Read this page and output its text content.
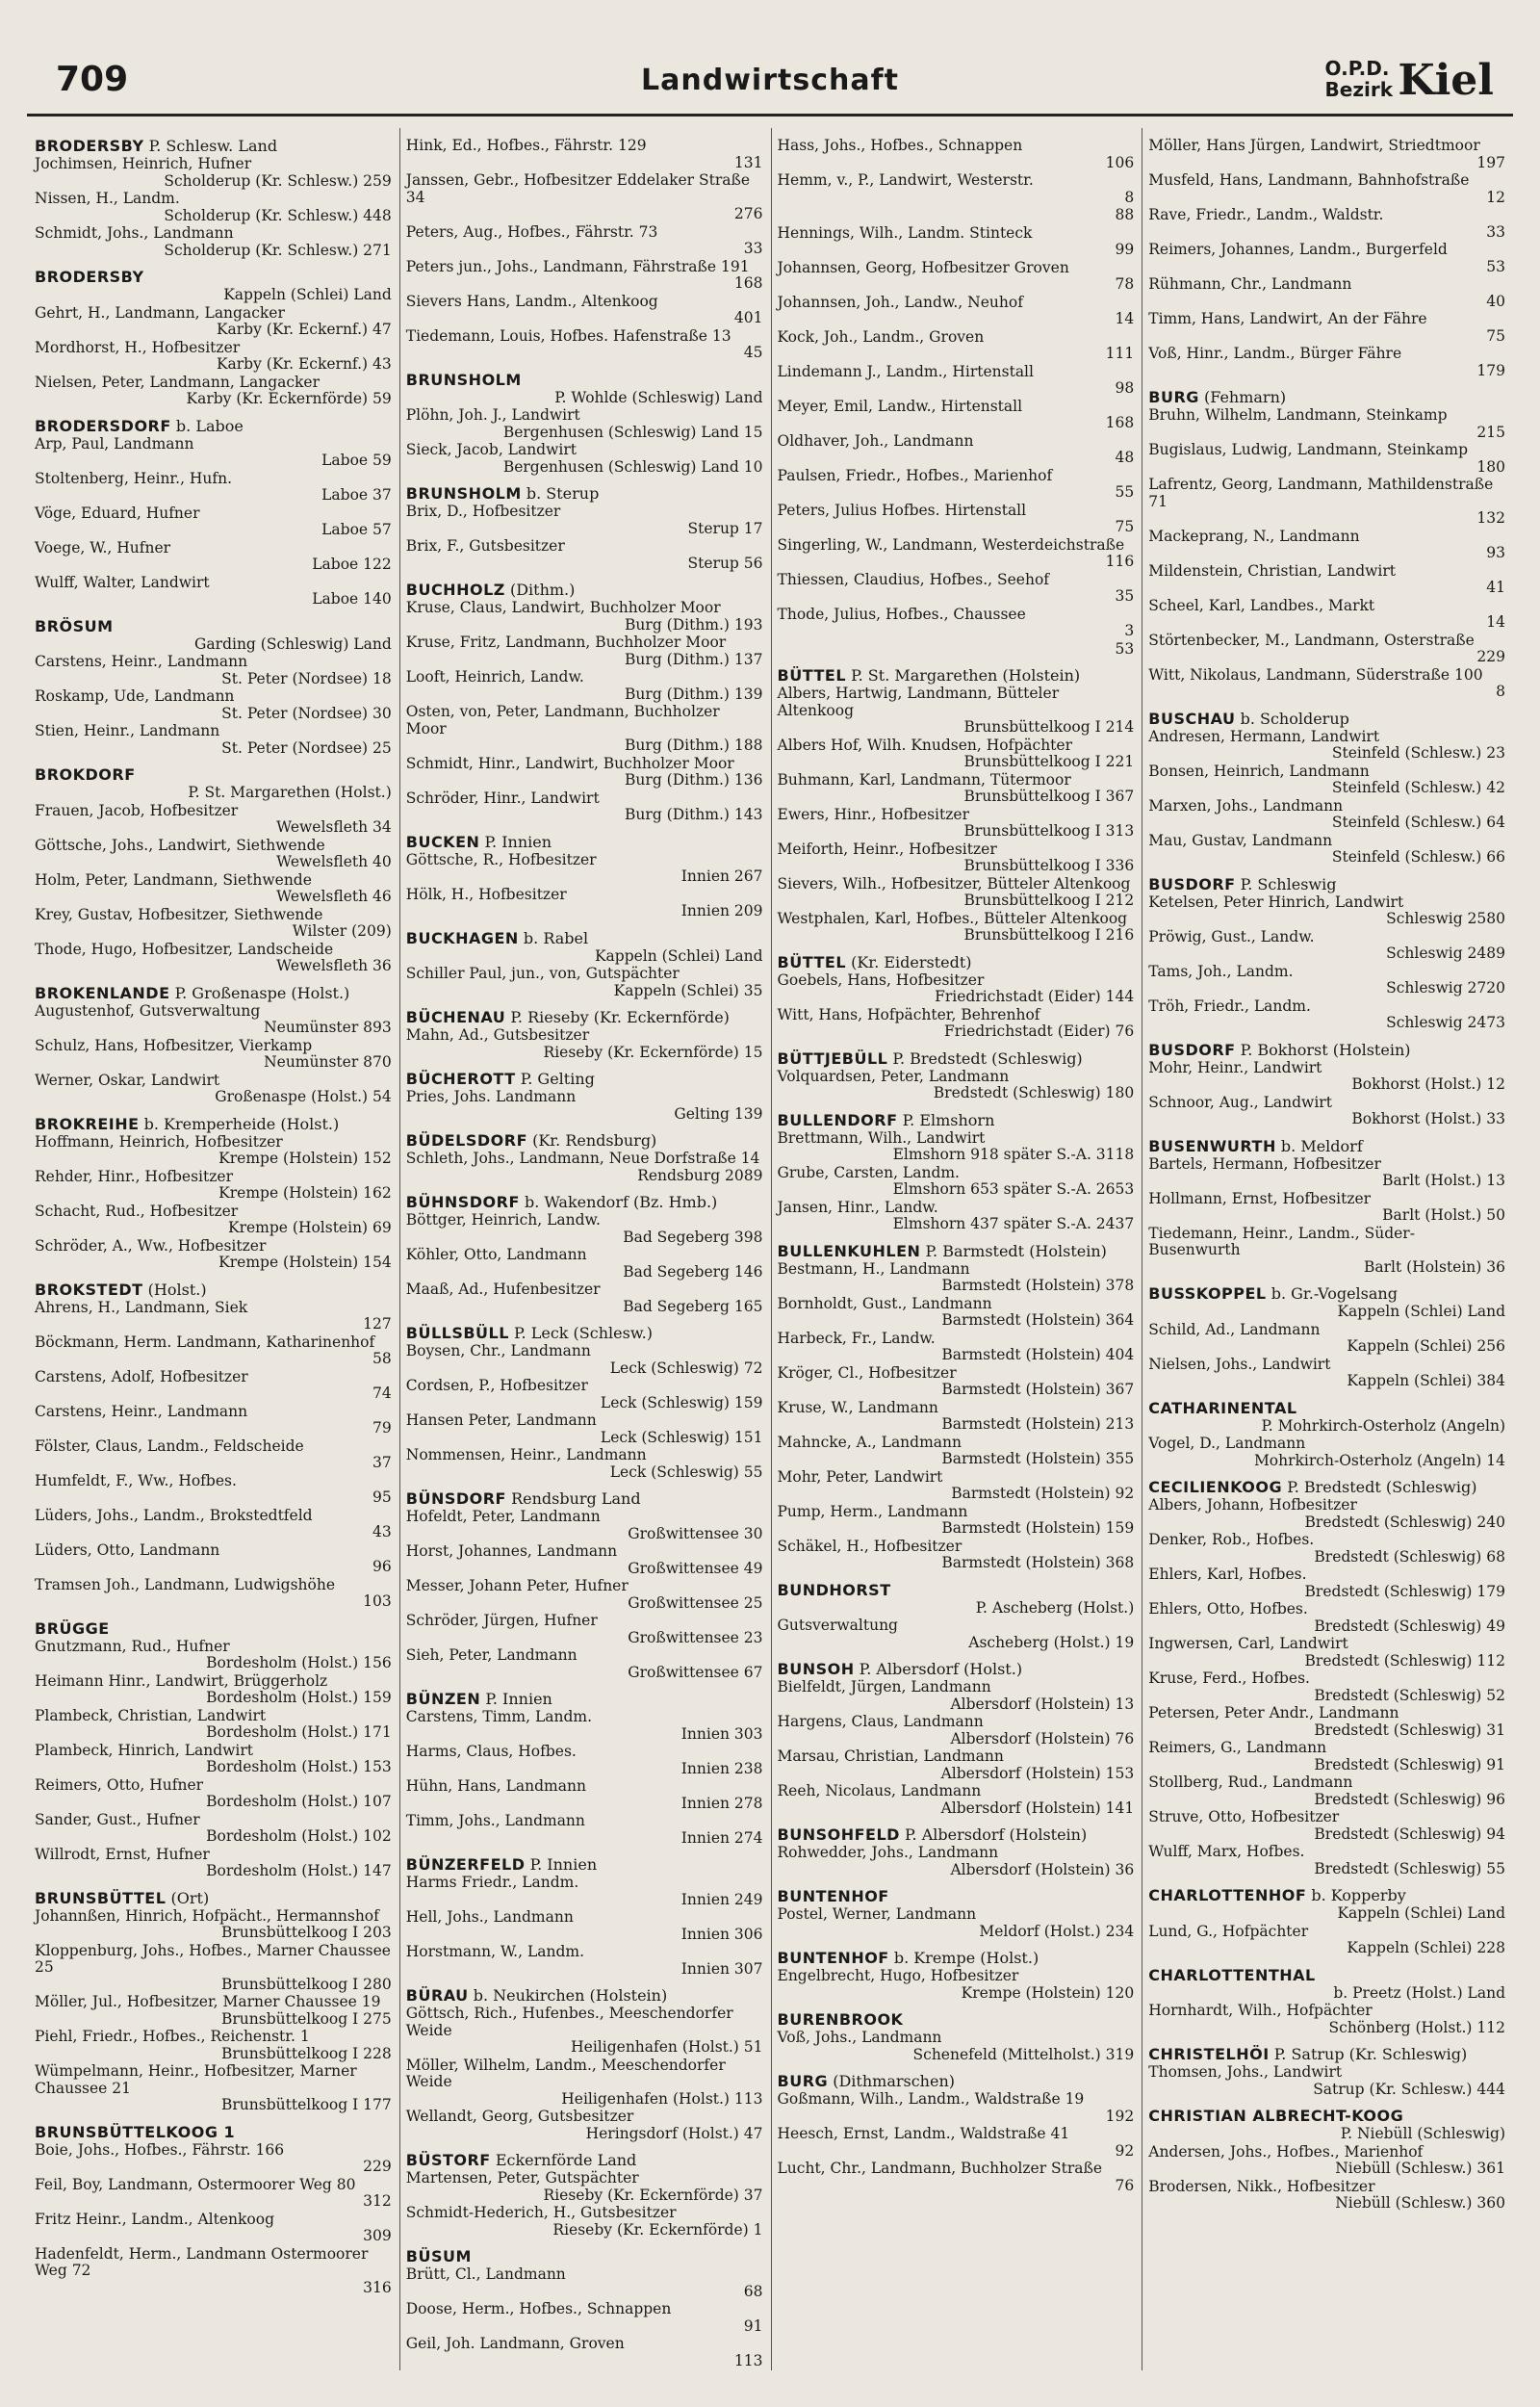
709	Landwirtschaft	O.P.D.
Bezirk Kiel
BRODERSBY P. Schlesw. Land
Jochimsen, Heinrich, Hufner
Scholderup (Kr. Schlesw.) 259
Nissen, H., Landm.
Scholderup (Kr. Schlesw.) 448
Schmidt, Johs., Landmann
Scholderup (Kr. Schlesw.) 271
BRODERSBY
Kappeln (Schlei) Land
Gehrt, H., Landmann, Langacker
Karby (Kr. Eckernf.) 47
Mordhorst, H., Hofbesitzer
Karby (Kr. Eckernf.) 43
Nielsen, Peter, Landmann, Langacker
Karby (Kr. Eckernförde) 59
BRODERSDORF b. Laboe
Arp, Paul, Landmann
Laboe 59
Stoltenberg, Heinr., Hufn.
Laboe 37
Vöge, Eduard, Hufner
Laboe 57
Voege, W., Hufner
Laboe 122
Wulff, Walter, Landwirt
Laboe 140
BRÖSUM
Garding (Schleswig) Land
Carstens, Heinr., Landmann
St. Peter (Nordsee) 18
Roskamp, Ude, Landmann
St. Peter (Nordsee) 30
Stien, Heinr., Landmann
St. Peter (Nordsee) 25
BROKDORF
P. St. Margarethen (Holst.)
Frauen, Jacob, Hofbesitzer
Wewelsfleth 34
Göttsche, Johs., Landwirt, Siethwende
Wewelsfleth 40
Holm, Peter, Landmann, Siethwende
Wewelsfleth 46
Krey, Gustav, Hofbesitzer, Siethwende
Wilster (209)
Thode, Hugo, Hofbesitzer, Landscheide
Wewelsfleth 36
BROKENLANDE P. Großenaspe (Holst.)
Augustenhof, Gutsverwaltung
Neumünster 893
Schulz, Hans, Hofbesitzer, Vierkamp
Neumünster 870
Werner, Oskar, Landwirt
Großenaspe (Holst.) 54
BROKREIHE b. Kremperheide (Holst.)
Hoffmann, Heinrich, Hofbesitzer
Krempe (Holstein) 152
Rehder, Hinr., Hofbesitzer
Krempe (Holstein) 162
Schacht, Rud., Hofbesitzer
Krempe (Holstein) 69
Schröder, A., Ww., Hofbesitzer
Krempe (Holstein) 154
BROKSTEDT (Holst.)
Ahrens, H., Landmann, Siek
127
Böckmann, Herm. Landmann, Katharinenhof
58
Carstens, Adolf, Hofbesitzer
74
Carstens, Heinr., Landmann
79
Fölster, Claus, Landm., Feldscheide
37
Humfeldt, F., Ww., Hofbes.
95
Lüders, Johs., Landm., Brokstedtfeld
43
Lüders, Otto, Landmann
96
Tramsen Joh., Landmann, Ludwigshöhe
103
BRÜGGE
Gnutzmann, Rud., Hufner
Bordesholm (Holst.) 156
Heimann Hinr., Landwirt, Brüggerholz
Bordesholm (Holst.) 159
Plambeck, Christian, Landwirt
Bordesholm (Holst.) 171
Plambeck, Hinrich, Landwirt
Bordesholm (Holst.) 153
Reimers, Otto, Hufner
Bordesholm (Holst.) 107
Sander, Gust., Hufner
Bordesholm (Holst.) 102
Willrodt, Ernst, Hufner
Bordesholm (Holst.) 147
BRUNSBÜTTEL (Ort)
Johannßen, Hinrich, Hofpächt., Hermannshof
Brunsbüttelkoog I 203
Kloppenburg, Johs., Hofbes., Marner Chaussee 25
Brunsbüttelkoog I 280
Möller, Jul., Hofbesitzer, Marner Chaussee 19
Brunsbüttelkoog I 275
Piehl, Friedr., Hofbes., Reichenstr. 1
Brunsbüttelkoog I 228
Wümpelmann, Heinr., Hofbesitzer, Marner Chaussee 21
Brunsbüttelkoog I 177
BRUNSBÜTTELKOOG 1
Boie, Johs., Hofbes., Fährstr. 166
229
Feil, Boy, Landmann, Ostermoorer Weg 80
312
Fritz Heinr., Landm., Altenkoog
309
Hadenfeldt, Herm., Landmann Ostermoorer Weg 72
316
Hink, Ed., Hofbes., Fährstr. 129
131
Janssen, Gebr., Hofbesitzer Eddelaker Straße 34
276
Peters, Aug., Hofbes., Fährstr. 73
33
Peters jun., Johs., Landmann, Fährstraße 191
168
Sievers Hans, Landm., Altenkoog
401
Tiedemann, Louis, Hofbes. Hafenstraße 13
45
BRUNSHOLM
P. Wohlde (Schleswig) Land
Plöhn, Joh. J., Landwirt
Bergenhusen (Schleswig) Land 15
Sieck, Jacob, Landwirt
Bergenhusen (Schleswig) Land 10
BRUNSHOLM b. Sterup
Brix, D., Hofbesitzer
Sterup 17
Brix, F., Gutsbesitzer
Sterup 56
BUCHHOLZ (Dithm.)
Kruse, Claus, Landwirt, Buchholzer Moor
Burg (Dithm.) 193
Kruse, Fritz, Landmann, Buchholzer Moor
Burg (Dithm.) 137
Looft, Heinrich, Landw.
Burg (Dithm.) 139
Osten, von, Peter, Landmann, Buchholzer Moor
Burg (Dithm.) 188
Schmidt, Hinr., Landwirt, Buchholzer Moor
Burg (Dithm.) 136
Schröder, Hinr., Landwirt
Burg (Dithm.) 143
BUCKEN P. Innien
Göttsche, R., Hofbesitzer
Innien 267
Hölk, H., Hofbesitzer
Innien 209
BUCKHAGEN b. Rabel
Kappeln (Schlei) Land
Schiller Paul, jun., von, Gutspächter
Kappeln (Schlei) 35
BÜCHENAU P. Rieseby (Kr. Eckernförde)
Mahn, Ad., Gutsbesitzer
Rieseby (Kr. Eckernförde) 15
BÜCHEROTT P. Gelting
Pries, Johs. Landmann
Gelting 139
BÜDELSDORF (Kr. Rendsburg)
Schleth, Johs., Landmann, Neue Dorfstraße 14
Rendsburg 2089
BÜHNSDORF b. Wakendorf (Bz. Hmb.)
Böttger, Heinrich, Landw.
Bad Segeberg 398
Köhler, Otto, Landmann
Bad Segeberg 146
Maaß, Ad., Hufenbesitzer
Bad Segeberg 165
BÜLLSBÜLL P. Leck (Schlesw.)
Boysen, Chr., Landmann
Leck (Schleswig) 72
Cordsen, P., Hofbesitzer
Leck (Schleswig) 159
Hansen Peter, Landmann
Leck (Schleswig) 151
Nommensen, Heinr., Landmann
Leck (Schleswig) 55
BÜNSDORF Rendsburg Land
Hofeldt, Peter, Landmann
Großwittensee 30
Horst, Johannes, Landmann
Großwittensee 49
Messer, Johann Peter, Hufner
Großwittensee 25
Schröder, Jürgen, Hufner
Großwittensee 23
Sieh, Peter, Landmann
Großwittensee 67
BÜNZEN P. Innien
Carstens, Timm, Landm.
Innien 303
Harms, Claus, Hofbes.
Innien 238
Hühn, Hans, Landmann
Innien 278
Timm, Johs., Landmann
Innien 274
BÜNZERFELD P. Innien
Harms Friedr., Landm.
Innien 249
Hell, Johs., Landmann
Innien 306
Horstmann, W., Landm.
Innien 307
BÜRAU b. Neukirchen (Holstein)
Göttsch, Rich., Hufenbes., Meeschendorfer Weide
Heiligenhafen (Holst.) 51
Möller, Wilhelm, Landm., Meeschendorfer Weide
Heiligenhafen (Holst.) 113
Wellandt, Georg, Gutsbesitzer
Heringsdorf (Holst.) 47
BÜSTORF Eckernförde Land
Martensen, Peter, Gutspächter
Rieseby (Kr. Eckernförde) 37
Schmidt-Hederich, H., Gutsbesitzer
Rieseby (Kr. Eckernförde) 1
BÜSUM
Brütt, Cl., Landmann
68
Doose, Herm., Hofbes., Schnappen
91
Geil, Joh. Landmann, Groven
113
Hass, Johs., Hofbes., Schnappen
106
Hemm, v., P., Landwirt, Westerstr.
8
88
Hennings, Wilh., Landm. Stinteck
99
Johannsen, Georg, Hofbesitzer Groven
78
Johannsen, Joh., Landw., Neuhof
14
Kock, Joh., Landm., Groven
111
Lindemann J., Landm., Hirtenstall
98
Meyer, Emil, Landw., Hirtenstall
168
Oldhaver, Joh., Landmann
48
Paulsen, Friedr., Hofbes., Marienhof
55
Peters, Julius Hofbes. Hirtenstall
75
Singerling, W., Landmann, Westerdeichstraße
116
Thiessen, Claudius, Hofbes., Seehof
35
Thode, Julius, Hofbes., Chaussee
3
53
BÜTTEL P. St. Margarethen (Holstein)
Albers, Hartwig, Landmann, Bütteler Altenkoog
Brunsbüttelkoog I 214
Albers Hof, Wilh. Knudsen, Hofpächter
Brunsbüttelkoog I 221
Buhmann, Karl, Landmann, Tütermoor
Brunsbüttelkoog I 367
Ewers, Hinr., Hofbesitzer
Brunsbüttelkoog I 313
Meiforth, Heinr., Hofbesitzer
Brunsbüttelkoog I 336
Sievers, Wilh., Hofbesitzer, Bütteler Altenkoog
Brunsbüttelkoog I 212
Westphalen, Karl, Hofbes., Bütteler Altenkoog
Brunsbüttelkoog I 216
BÜTTEL (Kr. Eiderstedt)
Goebels, Hans, Hofbesitzer
Friedrichstadt (Eider) 144
Witt, Hans, Hofpächter, Behrenhof
Friedrichstadt (Eider) 76
BÜTTJEBÜLL P. Bredstedt (Schleswig)
Volquardsen, Peter, Landmann
Bredstedt (Schleswig) 180
BULLENDORF P. Elmshorn
Brettmann, Wilh., Landwirt
Elmshorn 918 später S.-A. 3118
Grube, Carsten, Landm.
Elmshorn 653 später S.-A. 2653
Jansen, Hinr., Landw.
Elmshorn 437 später S.-A. 2437
BULLENKUHLEN P. Barmstedt (Holstein)
Bestmann, H., Landmann
Barmstedt (Holstein) 378
Bornholdt, Gust., Landmann
Barmstedt (Holstein) 364
Harbeck, Fr., Landw.
Barmstedt (Holstein) 404
Kröger, Cl., Hofbesitzer
Barmstedt (Holstein) 367
Kruse, W., Landmann
Barmstedt (Holstein) 213
Mahncke, A., Landmann
Barmstedt (Holstein) 355
Mohr, Peter, Landwirt
Barmstedt (Holstein) 92
Pump, Herm., Landmann
Barmstedt (Holstein) 159
Schäkel, H., Hofbesitzer
Barmstedt (Holstein) 368
BUNDHORST
P. Ascheberg (Holst.)
Gutsverwaltung
Ascheberg (Holst.) 19
BUNSOH P. Albersdorf (Holst.)
Bielfeldt, Jürgen, Landmann
Albersdorf (Holstein) 13
Hargens, Claus, Landmann
Albersdorf (Holstein) 76
Marsau, Christian, Landmann
Albersdorf (Holstein) 153
Reeh, Nicolaus, Landmann
Albersdorf (Holstein) 141
BUNSOHFELD P. Albersdorf (Holstein)
Rohwedder, Johs., Landmann
Albersdorf (Holstein) 36
BUNTENHOF
Postel, Werner, Landmann
Meldorf (Holst.) 234
BUNTENHOF b. Krempe (Holst.)
Engelbrecht, Hugo, Hofbesitzer
Krempe (Holstein) 120
BURENBROOK
Voß, Johs., Landmann
Schenefeld (Mittelholst.) 319
BURG (Dithmarschen)
Goßmann, Wilh., Landm., Waldstraße 19
192
Heesch, Ernst, Landm., Waldstraße 41
92
Lucht, Chr., Landmann, Buchholzer Straße
76
Möller, Hans Jürgen, Landwirt, Striedtmoor
197
Musfeld, Hans, Landmann, Bahnhofstraße
12
Rave, Friedr., Landm., Waldstr.
33
Reimers, Johannes, Landm., Burgerfeld
53
Rühmann, Chr., Landmann
40
Timm, Hans, Landwirt, An der Fähre
75
Voß, Hinr., Landm., Bürger Fähre
179
BURG (Fehmarn)
Bruhn, Wilhelm, Landmann, Steinkamp
215
Bugislaus, Ludwig, Landmann, Steinkamp
180
Lafrentz, Georg, Landmann, Mathildenstraße 71
132
Mackeprang, N., Landmann
93
Mildenstein, Christian, Landwirt
41
Scheel, Karl, Landbes., Markt
14
Störtenbecker, M., Landmann, Osterstraße
229
Witt, Nikolaus, Landmann, Süderstraße 100
8
BUSCHAU b. Scholderup
Andresen, Hermann, Landwirt
Steinfeld (Schlesw.) 23
Bonsen, Heinrich, Landmann
Steinfeld (Schlesw.) 42
Marxen, Johs., Landmann
Steinfeld (Schlesw.) 64
Mau, Gustav, Landmann
Steinfeld (Schlesw.) 66
BUSDORF P. Schleswig
Ketelsen, Peter Hinrich, Landwirt
Schleswig 2580
Pröwig, Gust., Landw.
Schleswig 2489
Tams, Joh., Landm.
Schleswig 2720
Tröh, Friedr., Landm.
Schleswig 2473
BUSDORF P. Bokhorst (Holstein)
Mohr, Heinr., Landwirt
Bokhorst (Holst.) 12
Schnoor, Aug., Landwirt
Bokhorst (Holst.) 33
BUSENWURTH b. Meldorf
Bartels, Hermann, Hofbesitzer
Barlt (Holst.) 13
Hollmann, Ernst, Hofbesitzer
Barlt (Holst.) 50
Tiedemann, Heinr., Landm., Süder-Busenwurth
Barlt (Holstein) 36
BUSSKOPPEL b. Gr.-Vogelsang
Kappeln (Schlei) Land
Schild, Ad., Landmann
Kappeln (Schlei) 256
Nielsen, Johs., Landwirt
Kappeln (Schlei) 384
CATHARINENTAL
P. Mohrkirch-Osterholz (Angeln)
Vogel, D., Landmann
Mohrkirch-Osterholz (Angeln) 14
CECILIENKOOG P. Bredstedt (Schleswig)
Albers, Johann, Hofbesitzer
Bredstedt (Schleswig) 240
Denker, Rob., Hofbes.
Bredstedt (Schleswig) 68
Ehlers, Karl, Hofbes.
Bredstedt (Schleswig) 179
Ehlers, Otto, Hofbes.
Bredstedt (Schleswig) 49
Ingwersen, Carl, Landwirt
Bredstedt (Schleswig) 112
Kruse, Ferd., Hofbes.
Bredstedt (Schleswig) 52
Petersen, Peter Andr., Landmann
Bredstedt (Schleswig) 31
Reimers, G., Landmann
Bredstedt (Schleswig) 91
Stollberg, Rud., Landmann
Bredstedt (Schleswig) 96
Struve, Otto, Hofbesitzer
Bredstedt (Schleswig) 94
Wulff, Marx, Hofbes.
Bredstedt (Schleswig) 55
CHARLOTTENHOF b. Kopperby
Kappeln (Schlei) Land
Lund, G., Hofpächter
Kappeln (Schlei) 228
CHARLOTTENTHAL
b. Preetz (Holst.) Land
Hornhardt, Wilh., Hofpächter
Schönberg (Holst.) 112
CHRISTELHÖI P. Satrup (Kr. Schleswig)
Thomsen, Johs., Landwirt
Satrup (Kr. Schlesw.) 444
CHRISTIAN ALBRECHT-KOOG
P. Niebüll (Schleswig)
Andersen, Johs., Hofbes., Marienhof
Niebüll (Schlesw.) 361
Brodersen, Nikk., Hofbesitzer
Niebüll (Schlesw.) 360
